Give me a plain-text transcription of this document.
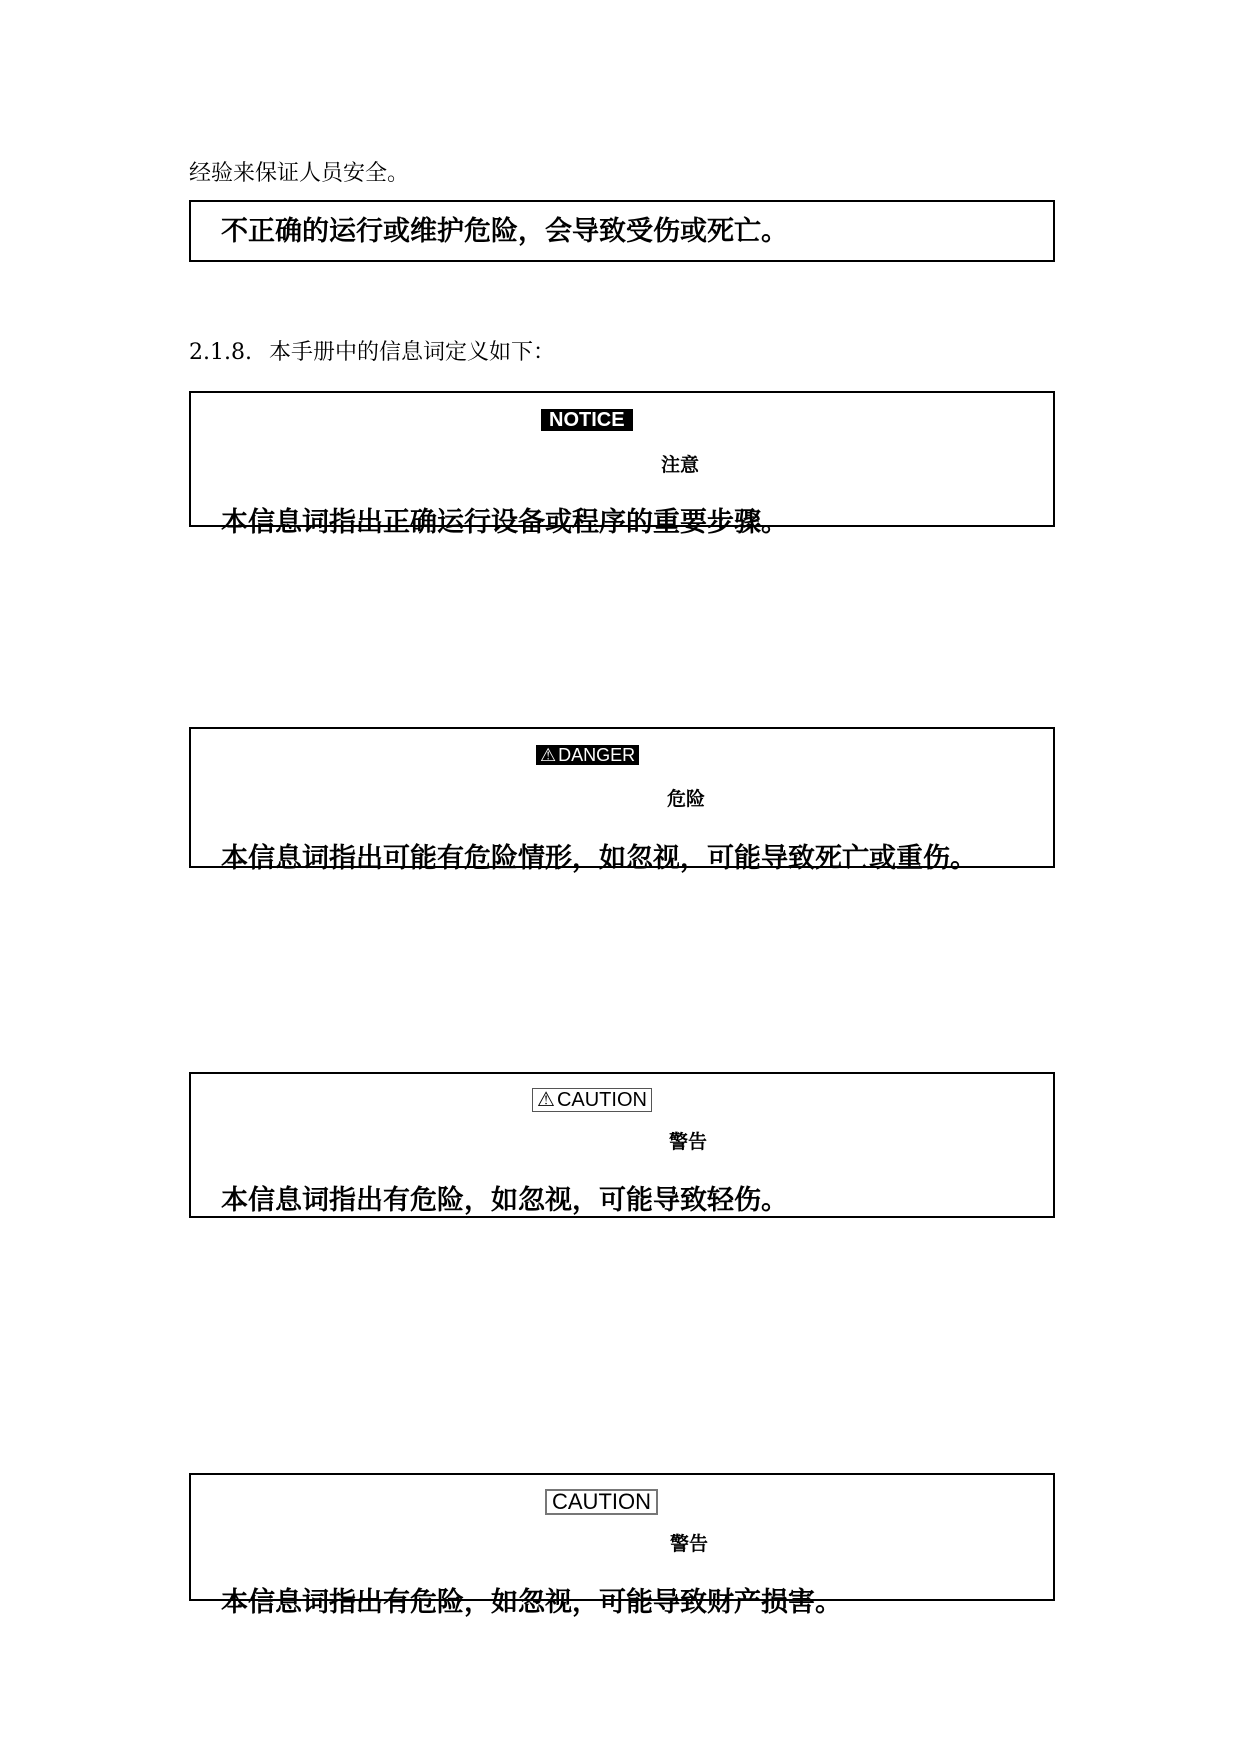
经验来保证人员安全。
不正确的运行或维护危险，会导致受伤或死亡。
2.1.8. 本手册中的信息词定义如下：
NOTICE
注意
本信息词指出正确运行设备或程序的重要步骤。
⚠ DANGER
危险
本信息词指出可能有危险情形，如忽视，可能导致死亡或重伤。
⚠ CAUTION
警告
本信息词指出有危险，如忽视，可能导致轻伤。
CAUTION
警告
本信息词指出有危险，如忽视，可能导致财产损害。
